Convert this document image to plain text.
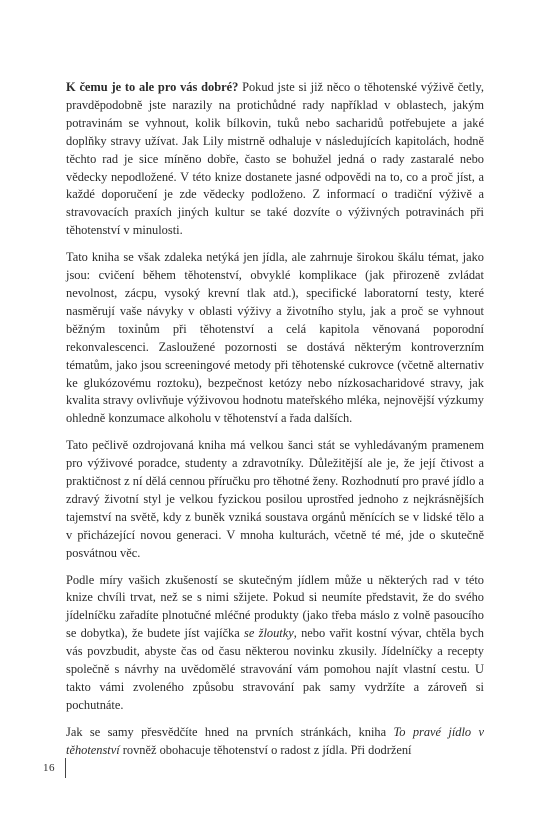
K čemu je to ale pro vás dobré? Pokud jste si již něco o těhotenské výživě četly, pravděpodobně jste narazily na protichůdné rady například v oblastech, jakým potravinám se vyhnout, kolik bílkovin, tuků nebo sacharidů potřebujete a jaké doplňky stravy užívat. Jak Lily mistrně odhaluje v následujících kapitolách, hodně těchto rad je sice míněno dobře, často se bohužel jedná o rady zastaralé nebo vědecky nepodložené. V této knize dostanete jasné odpovědi na to, co a proč jíst, a každé doporučení je zde vědecky podloženo. Z informací o tradiční výživě a stravovacích praxích jiných kultur se také dozvíte o výživných potravinách při těhotenství v minulosti.

Tato kniha se však zdaleka netýká jen jídla, ale zahrnuje širokou škálu témat, jako jsou: cvičení během těhotenství, obvyklé komplikace (jak přirozeně zvládat nevolnost, zácpu, vysoký krevní tlak atd.), specifické laboratorní testy, které nasměrují vaše návyky v oblasti výživy a životního stylu, jak a proč se vyhnout běžným toxinům při těhotenství a celá kapitola věnovaná poporodní rekonvalescenci. Zasloužené pozornosti se dostává některým kontroverzním tématům, jako jsou screeningové metody při těhotenské cukrovce (včetně alternativ ke glukózovému roztoku), bezpečnost ketózy nebo nízkosacharidové stravy, jak kvalita stravy ovlivňuje výživovou hodnotu mateřského mléka, nejnovější výzkumy ohledně konzumace alkoholu v těhotenství a řada dalších.

Tato pečlivě ozdrojovaná kniha má velkou šanci stát se vyhledávaným pramenem pro výživové poradce, studenty a zdravotníky. Důležitější ale je, že její čtivost a praktičnost z ní dělá cennou příručku pro těhotné ženy. Rozhodnutí pro pravé jídlo a zdravý životní styl je velkou fyzickou posilou uprostřed jednoho z nejkrásnějších tajemství na světě, kdy z buněk vzniká soustava orgánů měnících se v lidské tělo a v přicházející novou generaci. V mnoha kulturách, včetně té mé, jde o skutečně posvátnou věc.

Podle míry vašich zkušeností se skutečným jídlem může u některých rad v této knize chvíli trvat, než se s nimi sžijete. Pokud si neumíte představit, že do svého jídelníčku zařadíte plnotučné mléčné produkty (jako třeba máslo z volně pasoucího se dobytka), že budete jíst vajíčka se žloutky, nebo vařit kostní vývar, chtěla bych vás povzbudit, abyste čas od času některou novinku zkusily. Jídelníčky a recepty společně s návrhy na uvědomělé stravování vám pomohou najít vlastní cestu. U takto vámi zvoleného způsobu stravování pak samy vydržíte a zároveň si pochutnáte.

Jak se samy přesvědčíte hned na prvních stránkách, kniha To pravé jídlo v těhotenství rovněž obohacuje těhotenství o radost z jídla. Při dodržení

16
